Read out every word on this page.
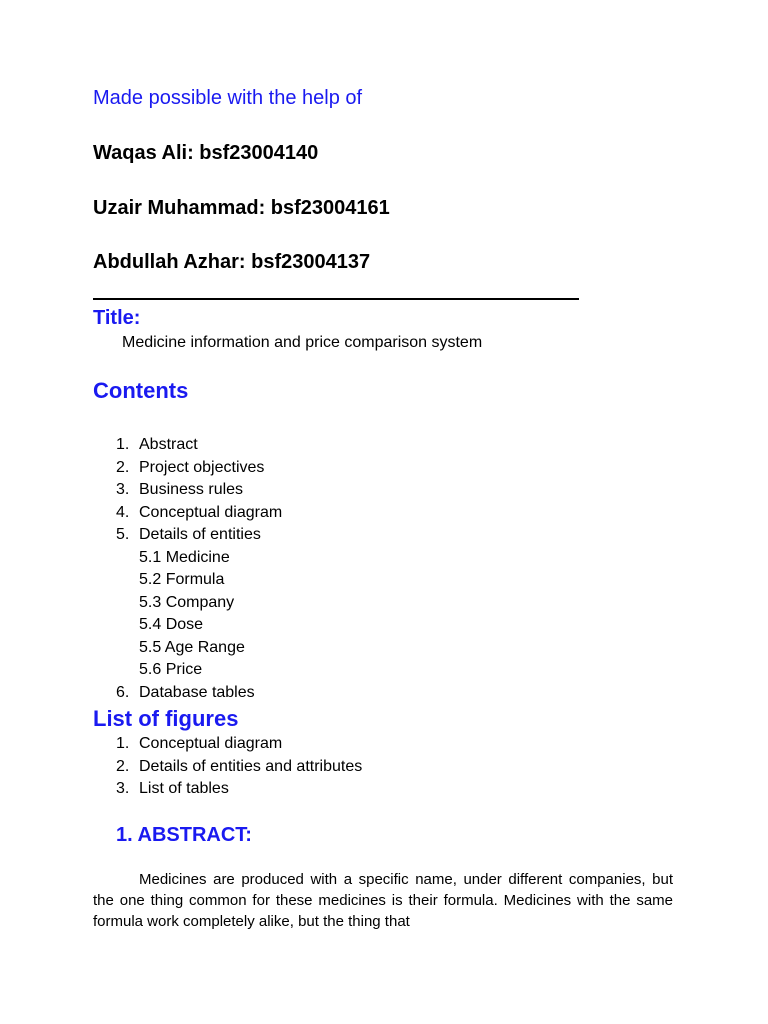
Made possible with the help of
Waqas Ali: bsf23004140
Uzair Muhammad: bsf23004161
Abdullah Azhar: bsf23004137
Title:
Medicine information and price comparison system
Contents
1. Abstract
2. Project objectives
3. Business rules
4. Conceptual diagram
5. Details of entities
5.1 Medicine
5.2 Formula
5.3 Company
5.4 Dose
5.5 Age Range
5.6 Price
6. Database tables
List of figures
1. Conceptual diagram
2. Details of entities and attributes
3. List of tables
1. ABSTRACT:
Medicines are produced with a specific name, under different companies, but the one thing common for these medicines is their formula. Medicines with the same formula work completely alike, but the thing that
